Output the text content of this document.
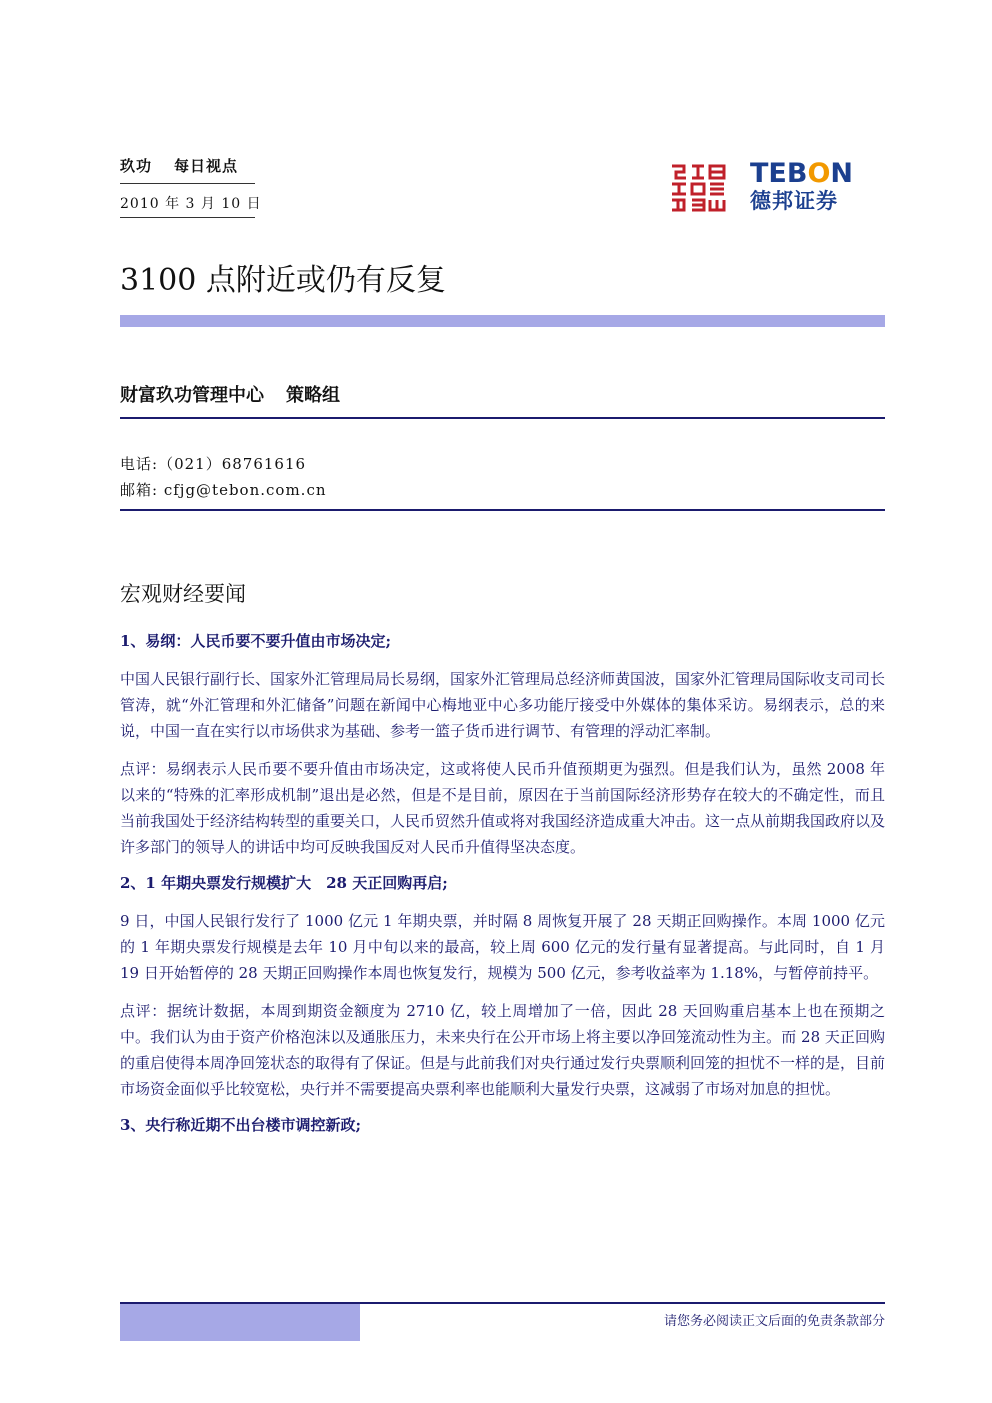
玖功 每日视点
2010 年 3 月 10 日
TEBON
德邦证券
3100 点附近或仍有反复
财富玖功管理中心 策略组
电话:（021）68761616
邮箱: cfjg@tebon.com.cn
宏观财经要闻

1、易纲：人民币要不要升值由市场决定;

中国人民银行副行长、国家外汇管理局局长易纲，国家外汇管理局总经济师黄国波，国家外汇管理局国际收支司司长管涛，就“外汇管理和外汇储备”问题在新闻中心梅地亚中心多功能厅接受中外媒体的集体采访。易纲表示，总的来说，中国一直在实行以市场供求为基础、参考一篮子货币进行调节、有管理的浮动汇率制。

点评：易纲表示人民币要不要升值由市场决定，这或将使人民币升值预期更为强烈。但是我们认为，虽然 2008 年以来的“特殊的汇率形成机制”退出是必然，但是不是目前，原因在于当前国际经济形势存在较大的不确定性，而且当前我国处于经济结构转型的重要关口，人民币贸然升值或将对我国经济造成重大冲击。这一点从前期我国政府以及许多部门的领导人的讲话中均可反映我国反对人民币升值得坚决态度。

2、1 年期央票发行规模扩大　28 天正回购再启;

9 日，中国人民银行发行了 1000 亿元 1 年期央票，并时隔 8 周恢复开展了 28 天期正回购操作。本周 1000 亿元的 1 年期央票发行规模是去年 10 月中旬以来的最高，较上周 600 亿元的发行量有显著提高。与此同时，自 1 月 19 日开始暂停的 28 天期正回购操作本周也恢复发行，规模为 500 亿元，参考收益率为 1.18%，与暂停前持平。

点评：据统计数据，本周到期资金额度为 2710 亿，较上周增加了一倍，因此 28 天回购重启基本上也在预期之中。我们认为由于资产价格泡沫以及通胀压力，未来央行在公开市场上将主要以净回笼流动性为主。而 28 天正回购的重启使得本周净回笼状态的取得有了保证。但是与此前我们对央行通过发行央票顺利回笼的担忧不一样的是，目前市场资金面似乎比较宽松，央行并不需要提高央票利率也能顺利大量发行央票，这减弱了市场对加息的担忧。

3、央行称近期不出台楼市调控新政;

请您务必阅读正文后面的免责条款部分
